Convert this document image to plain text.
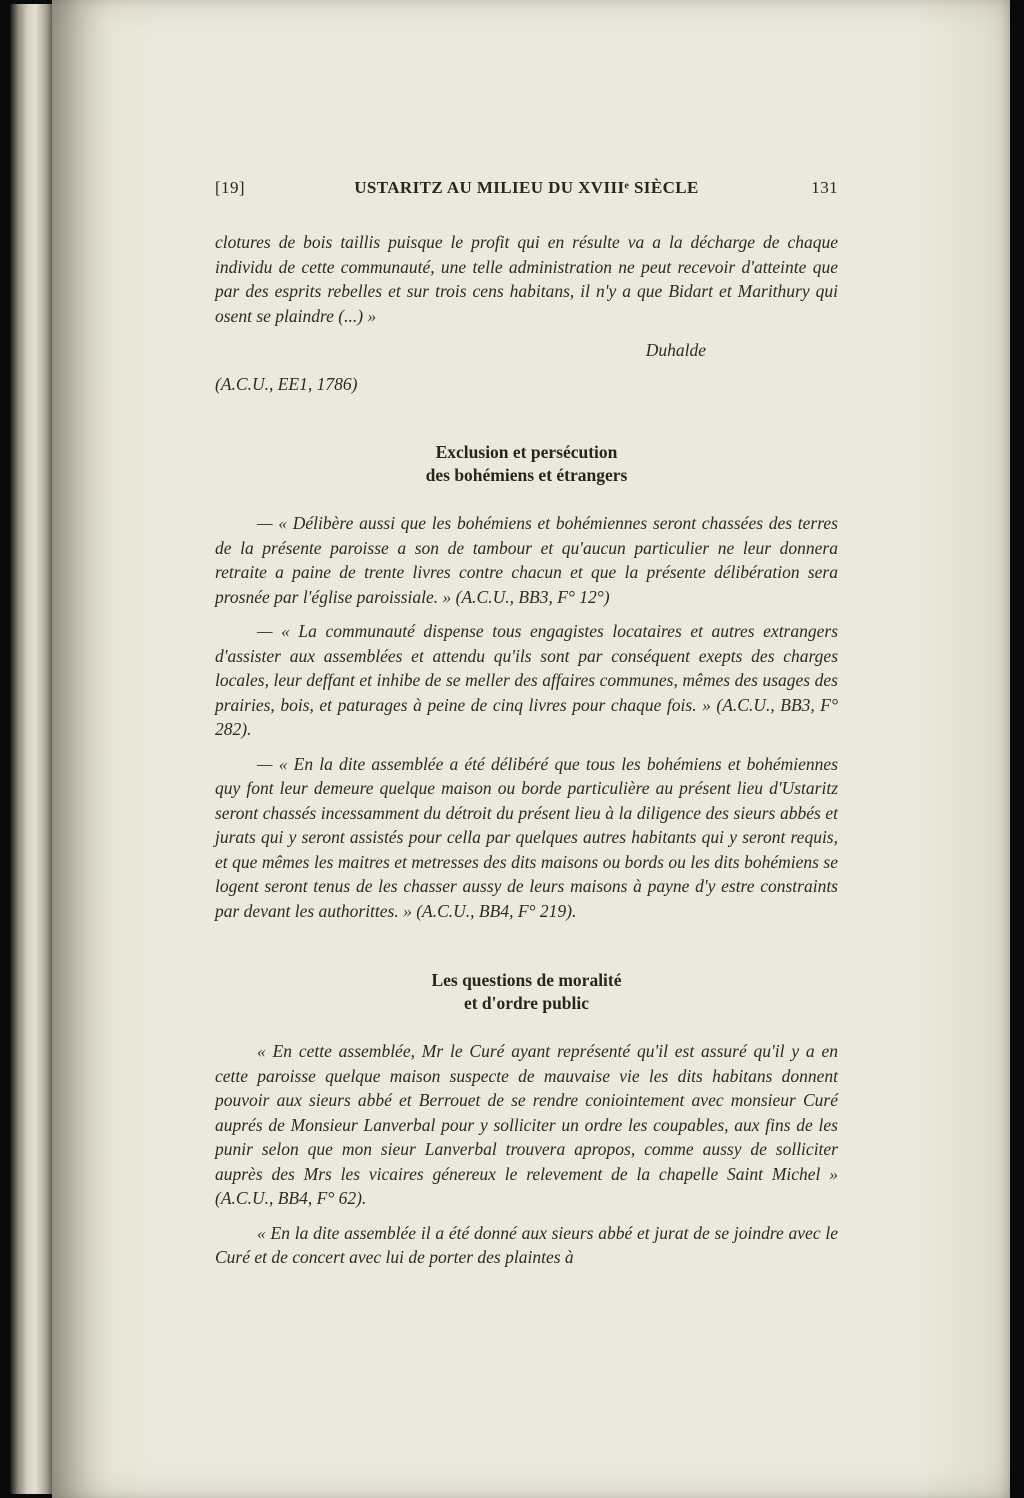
[19]	USTARITZ AU MILIEU DU XVIIIᵉ SIÈCLE	131

clotures de bois taillis puisque le profit qui en résulte va a la décharge de chaque individu de cette communauté, une telle administration ne peut recevoir d'atteinte que par des esprits rebelles et sur trois cens habitans, il n'y a que Bidart et Marithury qui osent se plaindre (...) »

Duhalde
(A.C.U., EE1, 1786)
Exclusion et persécution
des bohémiens et étrangers

— « Délibère aussi que les bohémiens et bohémiennes seront chassées des terres de la présente paroisse a son de tambour et qu'aucun particulier ne leur donnera retraite a paine de trente livres contre chacun et que la présente délibération sera prosnée par l'église paroissiale. » (A.C.U., BB3, F° 12°)

— « La communauté dispense tous engagistes locataires et autres extrangers d'assister aux assemblées et attendu qu'ils sont par conséquent exepts des charges locales, leur deffant et inhibe de se meller des affaires communes, mêmes des usages des prairies, bois, et paturages à peine de cinq livres pour chaque fois. » (A.C.U., BB3, F° 282).

— « En la dite assemblée a été délibéré que tous les bohémiens et bohémiennes quy font leur demeure quelque maison ou borde particulière au présent lieu d'Ustaritz seront chassés incessamment du détroit du présent lieu à la diligence des sieurs abbés et jurats qui y seront assistés pour cella par quelques autres habitants qui y seront requis, et que mêmes les maitres et metresses des dits maisons ou bords ou les dits bohémiens se logent seront tenus de les chasser aussy de leurs maisons à payne d'y estre constraints par devant les authorittes. » (A.C.U., BB4, F° 219).

Les questions de moralité
et d'ordre public

« En cette assemblée, Mr le Curé ayant représenté qu'il est assuré qu'il y a en cette paroisse quelque maison suspecte de mauvaise vie les dits habitans donnent pouvoir aux sieurs abbé et Berrouet de se rendre coniointement avec monsieur Curé auprés de Monsieur Lanverbal pour y solliciter un ordre les coupables, aux fins de les punir selon que mon sieur Lanverbal trouvera apropos, comme aussy de solliciter auprès des Mrs les vicaires génereux le relevement de la chapelle Saint Michel » (A.C.U., BB4, F° 62).

« En la dite assemblée il a été donné aux sieurs abbé et jurat de se joindre avec le Curé et de concert avec lui de porter des plaintes à
